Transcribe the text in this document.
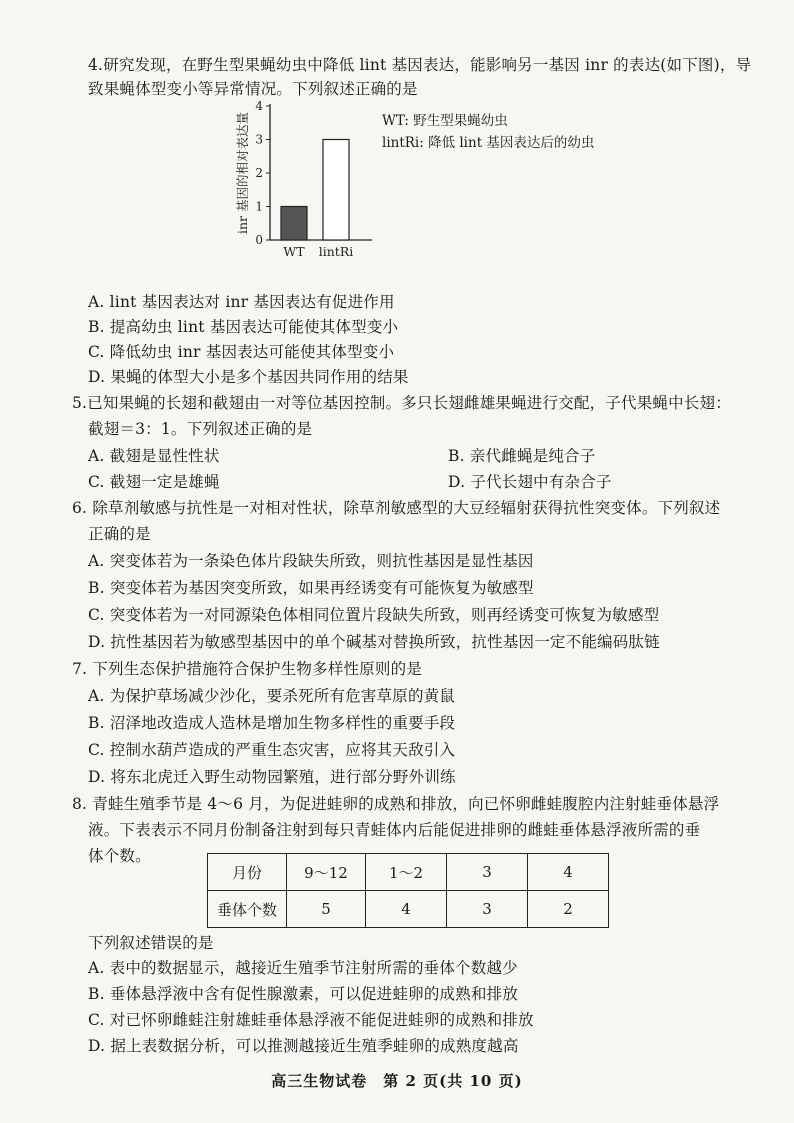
4.研究发现，在野生型果蝇幼虫中降低 lint 基因表达，能影响另一基因 inr 的表达(如下图)，导
致果蝇体型变小等异常情况。下列叙述正确的是
0
1
2
3
4
inr 基因的相对表达量
WT lintRi
WT: 野生型果蝇幼虫
lintRi: 降低 lint 基因表达后的幼虫
A. lint 基因表达对 inr 基因表达有促进作用
B. 提高幼虫 lint 基因表达可能使其体型变小
C. 降低幼虫 inr 基因表达可能使其体型变小
D. 果蝇的体型大小是多个基因共同作用的结果
5.已知果蝇的长翅和截翅由一对等位基因控制。多只长翅雌雄果蝇进行交配，子代果蝇中长翅：
截翅＝3：1。下列叙述正确的是
A. 截翅是显性性状	B. 亲代雌蝇是纯合子
C. 截翅一定是雄蝇	D. 子代长翅中有杂合子
6. 除草剂敏感与抗性是一对相对性状，除草剂敏感型的大豆经辐射获得抗性突变体。下列叙述
正确的是
A. 突变体若为一条染色体片段缺失所致，则抗性基因是显性基因
B. 突变体若为基因突变所致，如果再经诱变有可能恢复为敏感型
C. 突变体若为一对同源染色体相同位置片段缺失所致，则再经诱变可恢复为敏感型
D. 抗性基因若为敏感型基因中的单个碱基对替换所致，抗性基因一定不能编码肽链
7. 下列生态保护措施符合保护生物多样性原则的是
A. 为保护草场减少沙化，要杀死所有危害草原的黄鼠
B. 沼泽地改造成人造林是增加生物多样性的重要手段
C. 控制水葫芦造成的严重生态灾害，应将其天敌引入
D. 将东北虎迁入野生动物园繁殖，进行部分野外训练
8. 青蛙生殖季节是 4～6 月，为促进蛙卵的成熟和排放，向已怀卵雌蛙腹腔内注射蛙垂体悬浮
液。下表表示不同月份制备注射到每只青蛙体内后能促进排卵的雌蛙垂体悬浮液所需的垂
体个数。
月份	9～12	1～2	3	4
垂体个数	5	4	3	2
下列叙述错误的是
A. 表中的数据显示，越接近生殖季节注射所需的垂体个数越少
B. 垂体悬浮液中含有促性腺激素，可以促进蛙卵的成熟和排放
C. 对已怀卵雌蛙注射雄蛙垂体悬浮液不能促进蛙卵的成熟和排放
D. 据上表数据分析，可以推测越接近生殖季蛙卵的成熟度越高
高三生物试卷　第 2 页(共 10 页)
